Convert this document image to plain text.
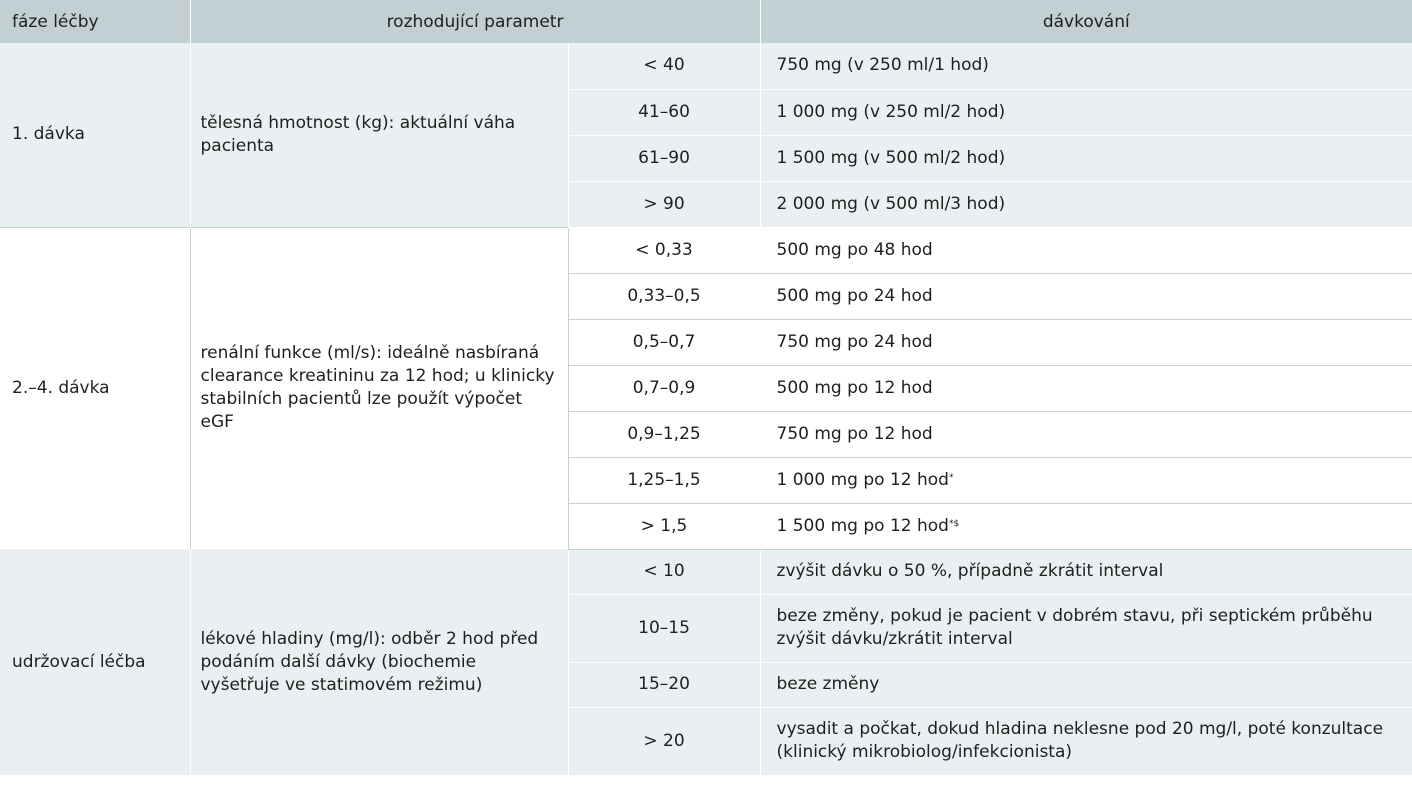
fáze léčby	rozhodující parametr		dávkování
1. dávka	tělesná hmotnost (kg): aktuální váha pacienta	< 40	750 mg (v 250 ml/1 hod)
		41–60	1 000 mg (v 250 ml/2 hod)
		61–90	1 500 mg (v 500 ml/2 hod)
		> 90	2 000 mg (v 500 ml/3 hod)
2.–4. dávka	renální funkce (ml/s): ideálně nasbíraná clearance kreatininu za 12 hod; u klinicky stabilních pacientů lze použít výpočet eGF	< 0,33	500 mg po 48 hod
		0,33–0,5	500 mg po 24 hod
		0,5–0,7	750 mg po 24 hod
		0,7–0,9	500 mg po 12 hod
		0,9–1,25	750 mg po 12 hod
		1,25–1,5	1 000 mg po 12 hod*
		> 1,5	1 500 mg po 12 hod*$
udržovací léčba	lékové hladiny (mg/l): odběr 2 hod před podáním další dávky (biochemie vyšetřuje ve statimovém režimu)	< 10	zvýšit dávku o 50 %, případně zkrátit interval
		10–15	beze změny, pokud je pacient v dobrém stavu, při septickém průběhu zvýšit dávku/zkrátit interval
		15–20	beze změny
		> 20	vysadit a počkat, dokud hladina neklesne pod 20 mg/l, poté konzultace (klinický mikrobiolog/infekcionista)
